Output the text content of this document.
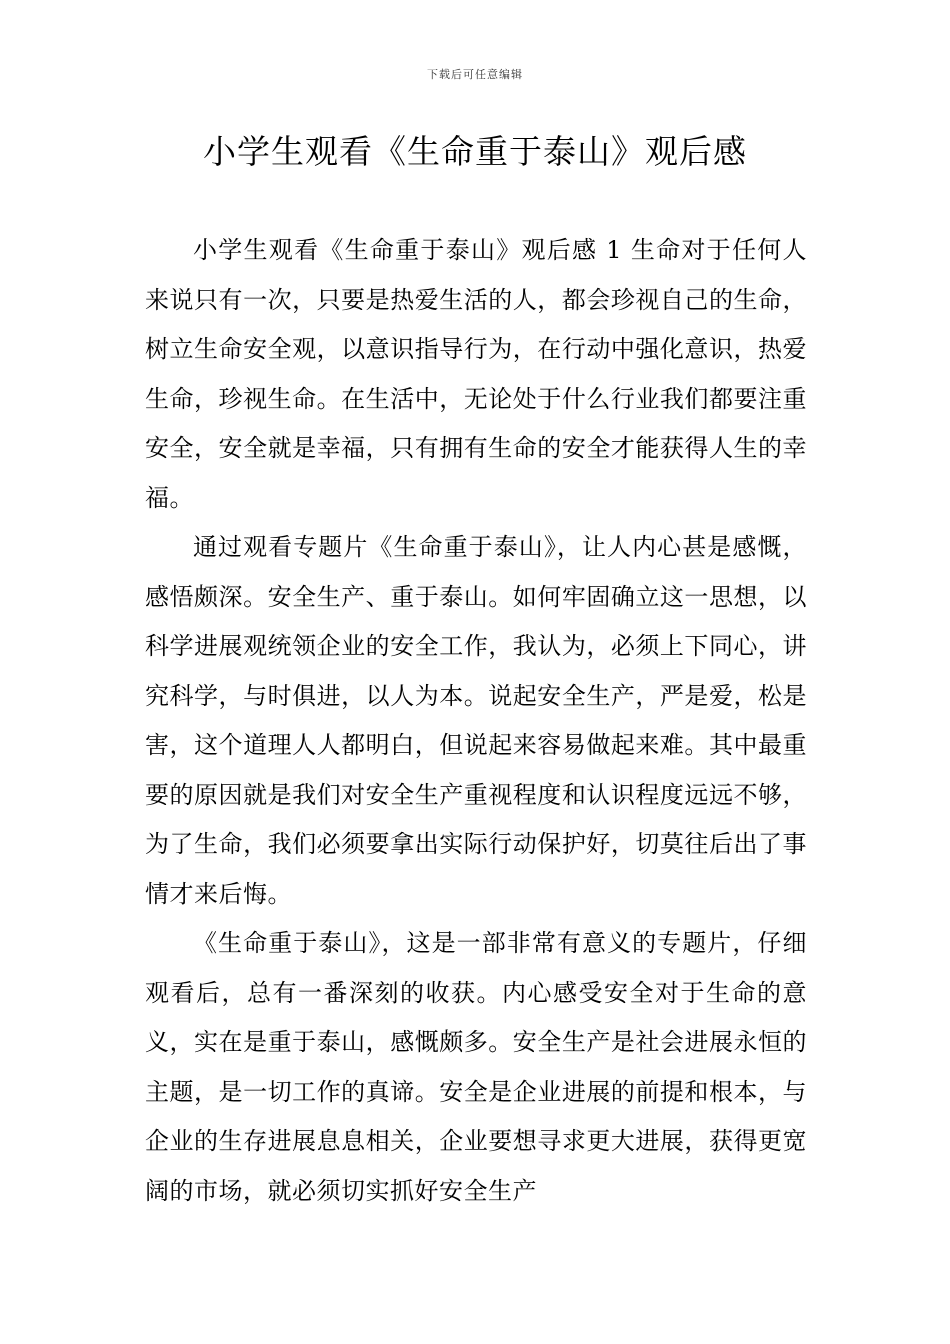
下载后可任意编辑
小学生观看《生命重于泰山》观后感

小学生观看《生命重于泰山》观后感 1 生命对于任何人来说只有一次，只要是热爱生活的人，都会珍视自己的生命，树立生命安全观，以意识指导行为，在行动中强化意识，热爱生命，珍视生命。在生活中，无论处于什么行业我们都要注重安全，安全就是幸福，只有拥有生命的安全才能获得人生的幸福。

通过观看专题片《生命重于泰山》，让人内心甚是感慨，感悟颇深。安全生产、重于泰山。如何牢固确立这一思想，以科学进展观统领企业的安全工作，我认为，必须上下同心，讲究科学，与时俱进，以人为本。说起安全生产，严是爱，松是害，这个道理人人都明白，但说起来容易做起来难。其中最重要的原因就是我们对安全生产重视程度和认识程度远远不够，为了生命，我们必须要拿出实际行动保护好，切莫往后出了事情才来后悔。

《生命重于泰山》，这是一部非常有意义的专题片，仔细观看后，总有一番深刻的收获。内心感受安全对于生命的意义，实在是重于泰山，感慨颇多。安全生产是社会进展永恒的主题，是一切工作的真谛。安全是企业进展的前提和根本，与企业的生存进展息息相关，企业要想寻求更大进展，获得更宽阔的市场，就必须切实抓好安全生产
